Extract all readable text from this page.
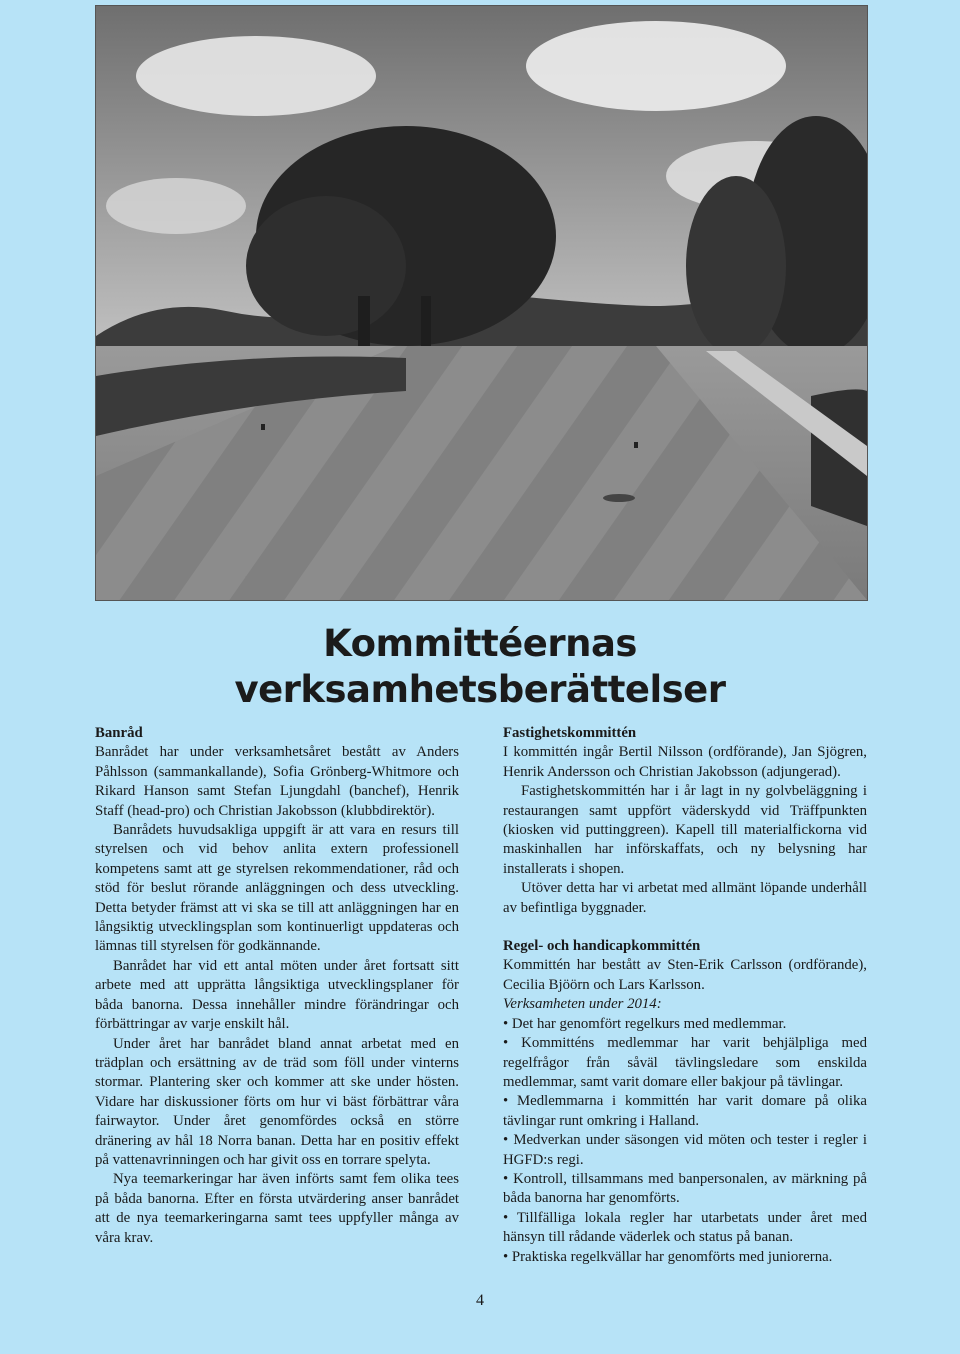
Kommittéernas
verksamhetsberättelser
Banråd

Banrådet har under verksamhetsåret bestått av Anders Påhlsson (sammankallande), Sofia Grönberg-Whitmore och Rikard Hanson samt Stefan Ljungdahl (banchef), Henrik Staff (head-pro) och Christian Jakobsson (klubbdirektör).

Banrådets huvudsakliga uppgift är att vara en resurs till styrelsen och vid behov anlita extern professionell kompetens samt att ge styrelsen rekommendationer, råd och stöd för beslut rörande anläggningen och dess utveckling. Detta betyder främst att vi ska se till att anläggningen har en långsiktig utvecklingsplan som kontinuerligt uppdateras och lämnas till styrelsen för godkännande.

Banrådet har vid ett antal möten under året fortsatt sitt arbete med att upprätta långsiktiga utvecklingsplaner för båda banorna. Dessa innehåller mindre förändringar och förbättringar av varje enskilt hål.

Under året har banrådet bland annat arbetat med en trädplan och ersättning av de träd som föll under vinterns stormar. Plantering sker och kommer att ske under hösten. Vidare har diskussioner förts om hur vi bäst förbättrar våra fairwaytor. Under året genomfördes också en större dränering av hål 18 Norra banan. Detta har en positiv effekt på vattenavrinningen och har givit oss en torrare spelyta.

Nya teemarkeringar har även införts samt fem olika tees på båda banorna. Efter en första utvärdering anser banrådet att de nya teemarkeringarna samt tees uppfyller många av våra krav.

Fastighetskommittén

I kommittén ingår Bertil Nilsson (ordförande), Jan Sjögren, Henrik Andersson och Christian Jakobsson (adjungerad).

Fastighetskommittén har i år lagt in ny golvbeläggning i restaurangen samt uppfört väderskydd vid Träffpunkten (kiosken vid puttinggreen). Kapell till materialfickorna vid maskinhallen har införskaffats, och ny belysning har installerats i shopen.

Utöver detta har vi arbetat med allmänt löpande underhåll av befintliga byggnader.

Regel- och handicapkommittén

Kommittén har bestått av Sten-Erik Carlsson (ordförande), Cecilia Bjöörn och Lars Karlsson.

Verksamheten under 2014:

• Det har genomfört regelkurs med medlemmar.

• Kommitténs medlemmar har varit behjälpliga med regelfrågor från såväl tävlingsledare som enskilda medlemmar, samt varit domare eller bakjour på tävlingar.

• Medlemmarna i kommittén har varit domare på olika tävlingar runt omkring i Halland.

• Medverkan under säsongen vid möten och tester i regler i HGFD:s regi.

• Kontroll, tillsammans med banpersonalen, av märkning på båda banorna har genomförts.

• Tillfälliga lokala regler har utarbetats under året med hänsyn till rådande väderlek och status på banan.

• Praktiska regelkvällar har genomförts med juniorerna.

4
